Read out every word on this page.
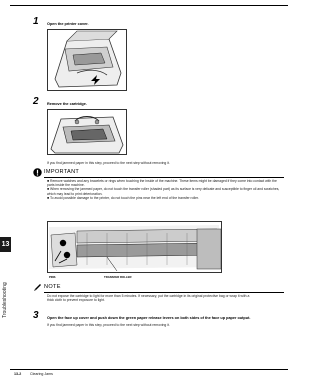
13
Troubleshooting
1 Open the printer cover.
2 Remove the cartridge.
If you find jammed paper in this step, proceed to the next step without removing it.
IMPORTANT
■ Remove watches and any bracelets or rings when touching the inside of the machine. These items might be damaged if they come into contact with the parts inside the machine.
■ When removing the jammed paper, do not touch the transfer roller (shaded part) as its surface is very delicate and susceptible to finger oil and scratches, which may lead to print deterioration.
■ To avoid possible damage to the printer, do not touch the pins near the left end of the transfer roller.
PINS	TRANSFER ROLLER
NOTE
Do not expose the cartridge to light for more than 5 minutes. If necessary, put the cartridge in its original protective bag or wrap it with a
thick cloth to prevent exposure to light.
3 Open the face up cover and push down the green paper release levers on both sides of the face up paper output.
If you find jammed paper in this step, proceed to the next step without removing it.
13-2 Clearing Jams
